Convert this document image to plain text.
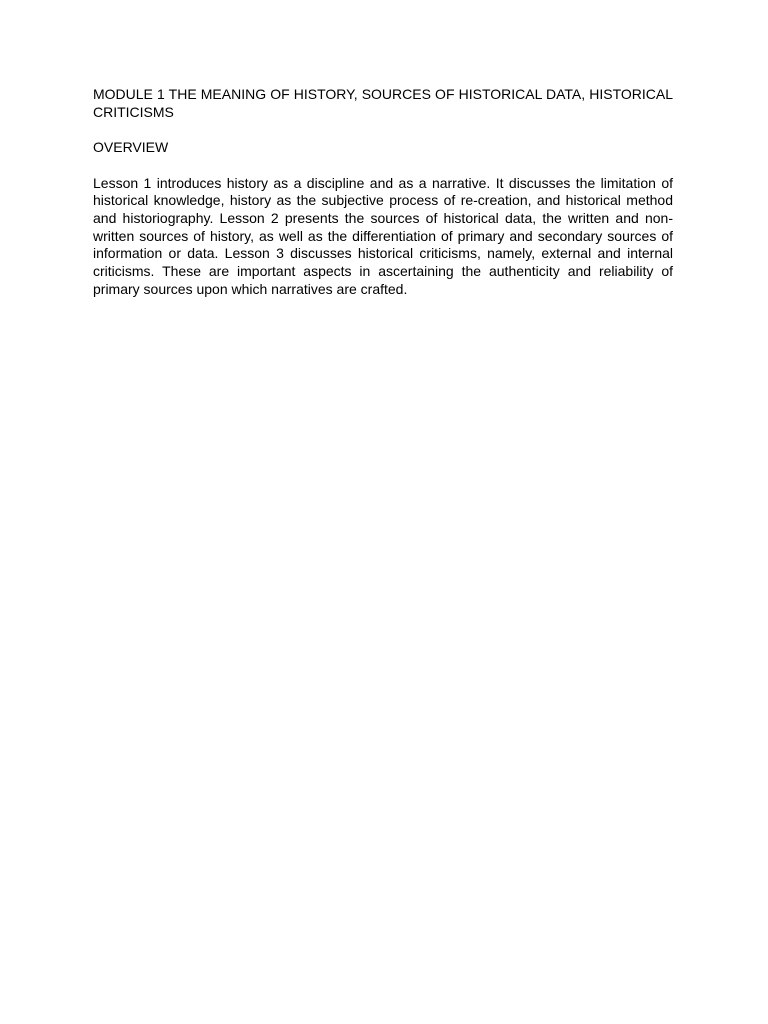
MODULE 1 THE MEANING OF HISTORY, SOURCES OF HISTORICAL DATA, HISTORICAL CRITICISMS
OVERVIEW

Lesson 1 introduces history as a discipline and as a narrative. It discusses the limitation of historical knowledge, history as the subjective process of re-creation, and historical method and historiography. Lesson 2 presents the sources of historical data, the written and non-written sources of history, as well as the differentiation of primary and secondary sources of information or data. Lesson 3 discusses historical criticisms, namely, external and internal criticisms. These are important aspects in ascertaining the authenticity and reliability of primary sources upon which narratives are crafted.
